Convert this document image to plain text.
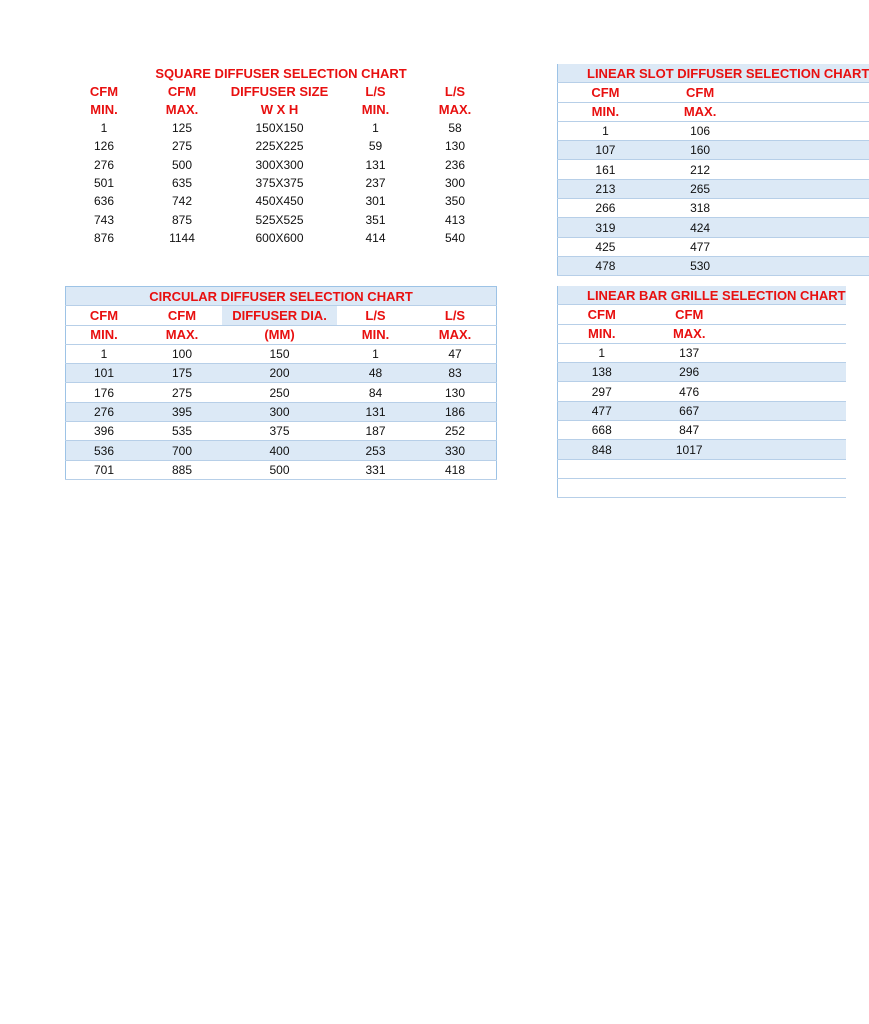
SQUARE DIFFUSER SELECTION CHART				
CFM	CFM	DIFFUSER SIZE	L/S	L/S
MIN.	MAX.	W X H	MIN.	MAX.
1	125	150X150	1	58
126	275	225X225	59	130
276	500	300X300	131	236
501	635	375X375	237	300
636	742	450X450	301	350
743	875	525X525	351	413
876	1144	600X600	414	540
CIRCULAR DIFFUSER SELECTION CHART				
CFM	CFM	DIFFUSER DIA.	L/S	L/S
MIN.	MAX.	(MM)	MIN.	MAX.
1	100	150	1	47
101	175	200	48	83
176	275	250	84	130
276	395	300	131	186
396	535	375	187	252
536	700	400	253	330
701	885	500	331	418
LINEAR SLOT DIFFUSER SELECTION CHART		
CFM	CFM	
MIN.	MAX.	
1	106	
107	160	
161	212	
213	265	
266	318	
319	424	
425	477	
478	530	
LINEAR BAR GRILLE SELECTION CHART		
CFM	CFM	
MIN.	MAX.	
1	137	
138	296	
297	476	
477	667	
668	847	
848	1017	
